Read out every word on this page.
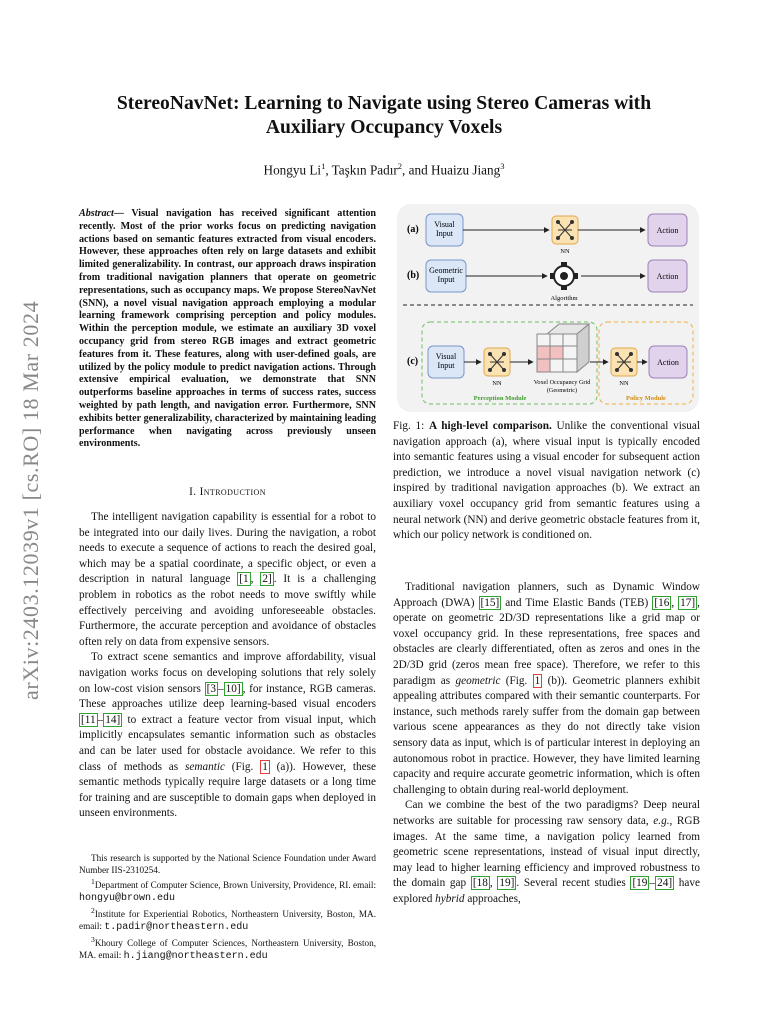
arXiv:2403.12039v1 [cs.RO] 18 Mar 2024
StereoNavNet: Learning to Navigate using Stereo Cameras with
Auxiliary Occupancy Voxels
Hongyu Li$^1$, Taşkın Padır$^2$, and Huaizu Jiang$^3$

Abstract— Visual navigation has received significant attention recently. Most of the prior works focus on predicting navigation actions based on semantic features extracted from visual encoders. However, these approaches often rely on large datasets and exhibit limited generalizability. In contrast, our approach draws inspiration from traditional navigation planners that operate on geometric representations, such as occupancy maps. We propose StereoNavNet (SNN), a novel visual navigation approach employing a modular learning framework comprising perception and policy modules. Within the perception module, we estimate an auxiliary 3D voxel occupancy grid from stereo RGB images and extract geometric features from it. These features, along with user-defined goals, are utilized by the policy module to predict navigation actions. Through extensive empirical evaluation, we demonstrate that SNN outperforms baseline approaches in terms of success rates, success weighted by path length, and navigation error. Furthermore, SNN exhibits better generalizability, characterized by maintaining leading performance when navigating across previously unseen environments.

I. Introduction

The intelligent navigation capability is essential for a robot to be integrated into our daily lives. During the navigation, a robot needs to execute a sequence of actions to reach the desired goal, which may be a spatial coordinate, a specific object, or even a description in natural language [1 , 2] . It is a challenging problem in robotics as the robot needs to move swiftly while effectively perceiving and avoiding unforeseeable obstacles. Furthermore, the accurate perception and avoidance of obstacles often rely on data from expensive sensors.

To extract scene semantics and improve affordability, visual navigation works focus on developing solutions that rely solely on low-cost vision sensors [3 – 10] , for instance, RGB cameras. These approaches utilize deep learning-based visual encoders [11 – 14] to extract a feature vector from visual input, which implicitly encapsulates semantic information such as obstacles and can be later used for obstacle avoidance. We refer to this class of methods as semantic (Fig. 1 (a)). However, these semantic methods typically require large datasets or a long time for training and are susceptible to domain gaps when deployed in unseen environments.

This research is supported by the National Science Foundation under Award Number IIS-2310254.

$^1$Department of Computer Science, Brown University, Providence, RI. email: hongyu@brown.edu

$^2$Institute for Experiential Robotics, Northeastern University, Boston, MA. email: t.padir@northeastern.edu

$^3$Khoury College of Computer Sciences, Northeastern University, Boston, MA. email: h.jiang@northeastern.edu

(a) Visual
Input
NN
Action
(b) Geometric
Input
Algorithm
Action
(c) Visual
Input
NN	Voxel Occupancy Grid
(Geometric)
NN
Action
Perception Module	Policy Module

Fig. 1: A high-level comparison. Unlike the conventional visual navigation approach (a), where visual input is typically encoded into semantic features using a visual encoder for subsequent action prediction, we introduce a novel visual navigation network (c) inspired by traditional navigation approaches (b). We extract an auxiliary voxel occupancy grid from semantic features using a neural network (NN) and derive geometric obstacle features from it, which our policy network is conditioned on.

Traditional navigation planners, such as Dynamic Window Approach (DWA) [15] and Time Elastic Bands (TEB) [16 , 17] , operate on geometric 2D/3D representations like a grid map or voxel occupancy grid. In these representations, free spaces and obstacles are clearly differentiated, often as zeros and ones in the 2D/3D grid (zeros mean free space). Therefore, we refer to this paradigm as geometric (Fig. 1 (b)). Geometric planners exhibit appealing attributes compared with their semantic counterparts. For instance, such methods rarely suffer from the domain gap between various scene appearances as they do not directly take vision sensory data as input, which is of particular interest in deploying an autonomous robot in practice. However, they have limited learning capacity and require accurate geometric information, which is often challenging to obtain during real-world deployment.

Can we combine the best of the two paradigms? Deep neural networks are suitable for processing raw sensory data, e.g., RGB images. At the same time, a navigation policy learned from geometric scene representations, instead of visual input directly, may lead to higher learning efficiency and improved robustness to the domain gap [18 , 19] . Several recent studies [19 – 24] have explored hybrid approaches,
